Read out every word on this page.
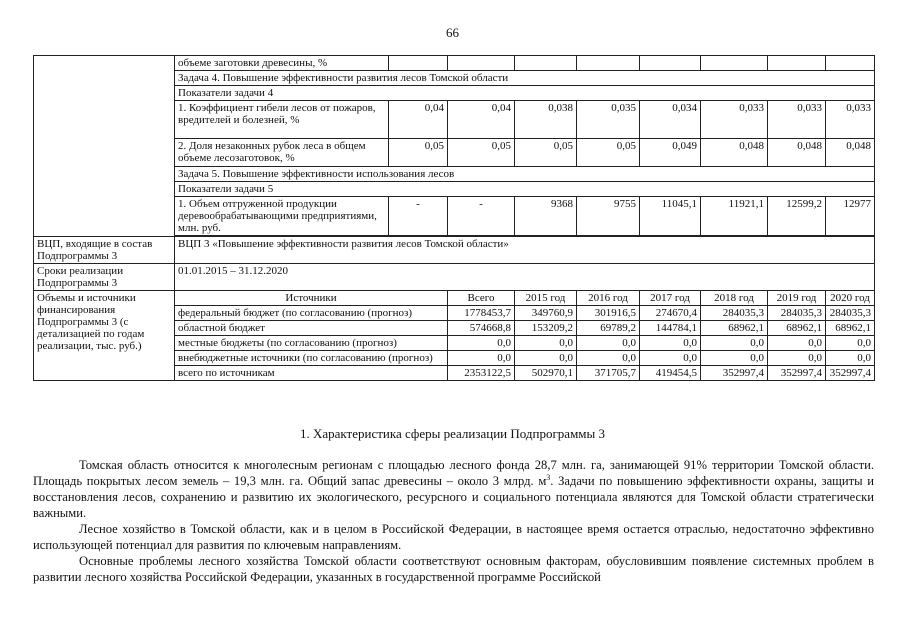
66
	объеме заготовки древесины, %								
	Задача 4. Повышение эффективности развития лесов Томской области								
	Показатели задачи 4								
	1. Коэффициент гибели лесов от пожаров, вредителей и болезней, %	0,04	0,04	0,038	0,035	0,034	0,033	0,033	0,033
	2. Доля незаконных рубок леса в общем объеме лесозаготовок, %	0,05	0,05	0,05	0,05	0,049	0,048	0,048	0,048
	Задача 5. Повышение эффективности использования лесов								
	Показатели задачи 5								
	1. Объем отгруженной продукции деревообрабатывающими предприятиями, млн. руб.	-	-	9368	9755	11045,1	11921,1	12599,2	12977

ВЦП, входящие в состав Подпрограммы 3	ВЦП 3 «Повышение эффективности развития лесов Томской области»								
Сроки реализации Подпрограммы 3	01.01.2015 – 31.12.2020								
Объемы и источники финансирования Подпрограммы 3 (с детализацией по годам реализации, тыс. руб.)	Источники		Всего	2015 год	2016 год	2017 год	2018 год	2019 год	2020 год
	федеральный бюджет (по согласованию (прогноз)		1778453,7	349760,9	301916,5	274670,4	284035,3	284035,3	284035,3
	областной бюджет		574668,8	153209,2	69789,2	144784,1	68962,1	68962,1	68962,1
	местные бюджеты (по согласованию (прогноз)		0,0	0,0	0,0	0,0	0,0	0,0	0,0
	внебюджетные источники (по согласованию (прогноз)		0,0	0,0	0,0	0,0	0,0	0,0	0,0
	всего по источникам		2353122,5	502970,1	371705,7	419454,5	352997,4	352997,4	352997,4
1. Характеристика сферы реализации Подпрограммы 3

Томская область относится к многолесным регионам с площадью лесного фонда 28,7 млн. га, занимающей 91% территории Томской области. Площадь покрытых лесом земель – 19,3 млн. га. Общий запас древесины – около 3 млрд. $м^3$. Задачи по повышению эффективности охраны, защиты и восстановления лесов, сохранению и развитию их экологического, ресурсного и социального потенциала являются для Томской области стратегически важными.

Лесное хозяйство в Томской области, как и в целом в Российской Федерации, в настоящее время остается отраслью, недостаточно эффективно использующей потенциал для развития по ключевым направлениям.

Основные проблемы лесного хозяйства Томской области соответствуют основным факторам, обусловившим появление системных проблем в развитии лесного хозяйства Российской Федерации, указанных в государственной программе Российской
